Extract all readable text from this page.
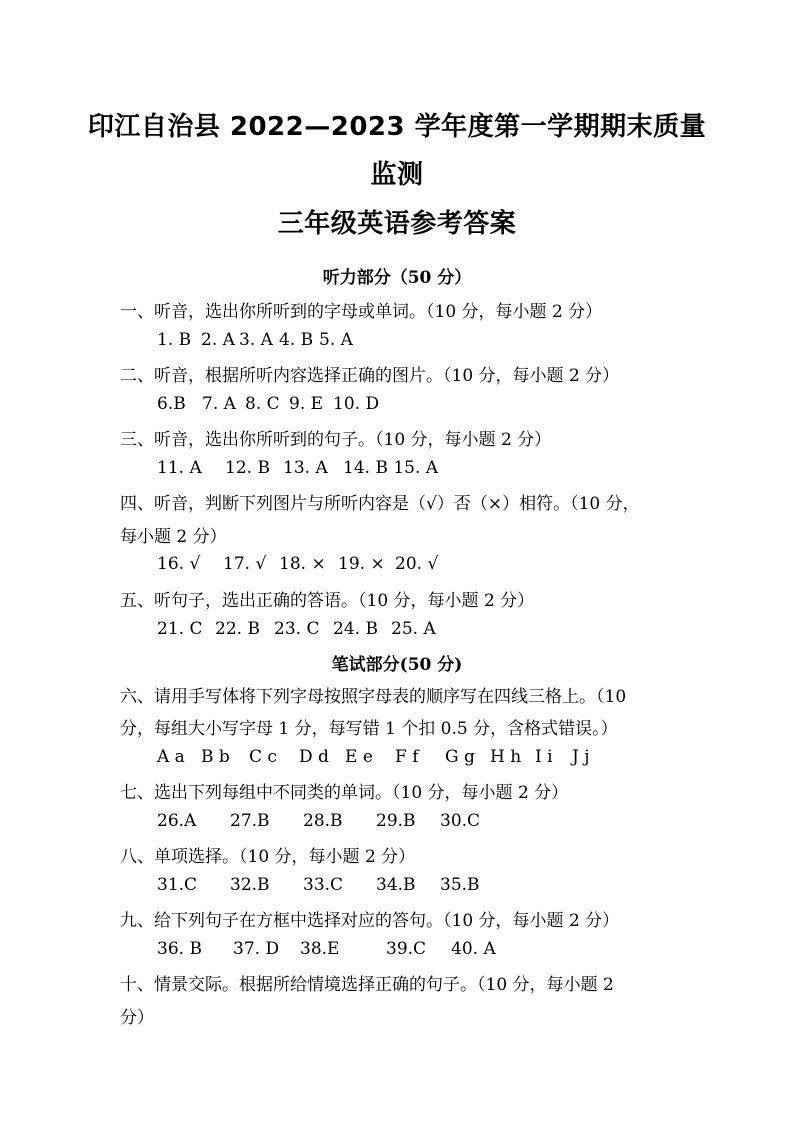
印江自治县 2022—2023 学年度第一学期期末质量
监测
三年级英语参考答案
听力部分（50 分）
一、听音，选出你所听到的字母或单词。（10 分，每小题 2 分）
1. B 2. A 3. A 4. B 5. A
二、听音，根据所听内容选择正确的图片。（10 分，每小题 2 分）
6.B 7. A 8. C 9. E 10. D
三、听音，选出你所听到的句子。（10 分，每小题 2 分）
11. A 12. B 13. A 14. B 15. A
四、听音，判断下列图片与所听内容是（√）否（×）相符。（10 分，
每小题 2 分）
16. √ 17. √ 18. × 19. × 20. √
五、听句子，选出正确的答语。（10 分，每小题 2 分）
21. C 22. B 23. C 24. B 25. A
笔试部分(50 分)
六、请用手写体将下列字母按照字母表的顺序写在四线三格上。（10
分，每组大小写字母 1 分，每写错 1 个扣 0.5 分，含格式错误。）
A a B b C c D d E e F f G g H h I i J j
七、选出下列每组中不同类的单词。（10 分，每小题 2 分）
26.A 27.B 28.B 29.B 30.C
八、单项选择。（10 分，每小题 2 分）
31.C 32.B 33.C 34.B 35.B
九、给下列句子在方框中选择对应的答句。（10 分，每小题 2 分）
36. B 37. D 38.E	39.C 40. A
十、情景交际。根据所给情境选择正确的句子。（10 分，每小题 2
分）
